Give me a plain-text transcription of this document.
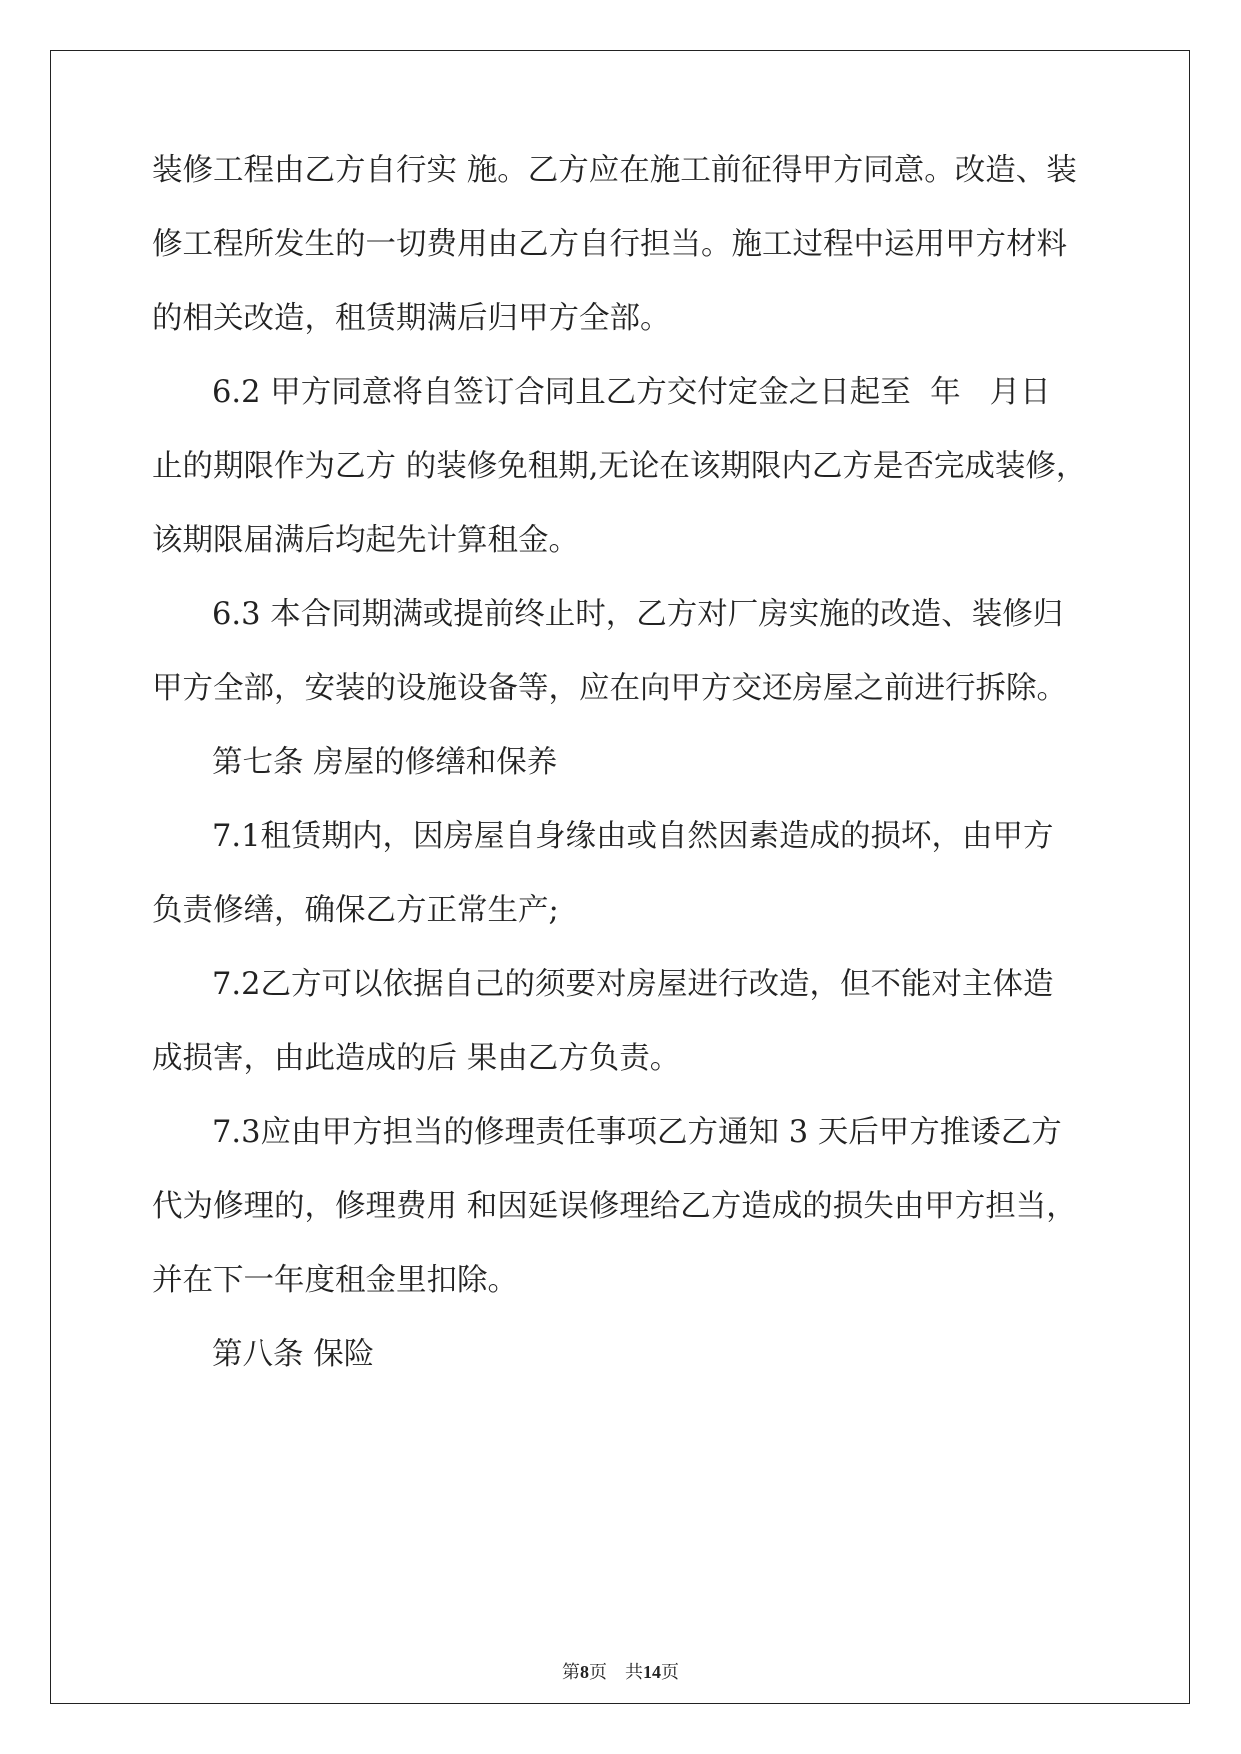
装修工程由乙方自行实 施。乙方应在施工前征得甲方同意。改造、装

修工程所发生的一切费用由乙方自行担当。施工过程中运用甲方材料

的相关改造，租赁期满后归甲方全部。

6.2 甲方同意将自签订合同且乙方交付定金之日起至  年   月日

止的期限作为乙方 的装修免租期,无论在该期限内乙方是否完成装修，

该期限届满后均起先计算租金。

6.3 本合同期满或提前终止时，乙方对厂房实施的改造、装修归

甲方全部，安装的设施设备等，应在向甲方交还房屋之前进行拆除。

第七条 房屋的修缮和保养

7.1租赁期内，因房屋自身缘由或自然因素造成的损坏，由甲方

负责修缮，确保乙方正常生产;

7.2乙方可以依据自己的须要对房屋进行改造，但不能对主体造

成损害，由此造成的后 果由乙方负责。

7.3应由甲方担当的修理责任事项乙方通知 3 天后甲方推诿乙方

代为修理的，修理费用 和因延误修理给乙方造成的损失由甲方担当，

并在下一年度租金里扣除。

第八条 保险

第8页    共14页
